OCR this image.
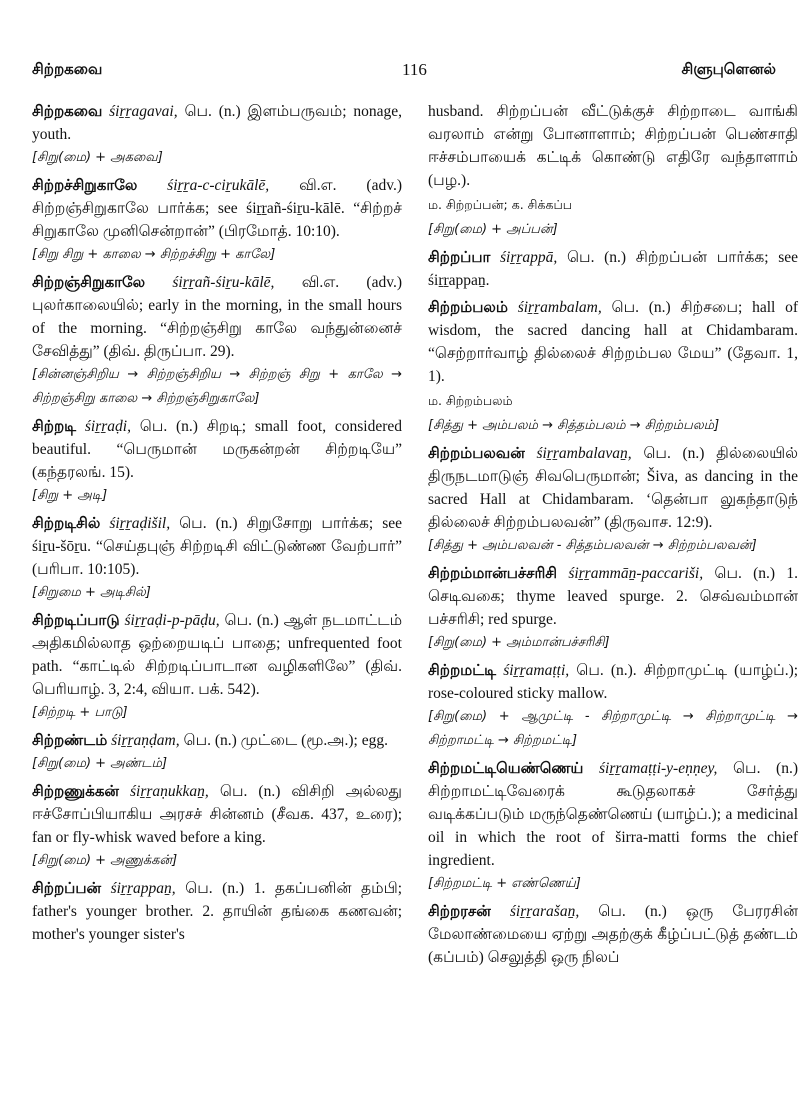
சிற்றகவை	116	சிளுபுளெனல்

சிற்றகவை śiṟṟagavai, பெ. (n.) இளம்பருவம்; nonage, youth.

[சிறு(மை) + அகவை]

சிற்றச்சிறுகாலே śiṟṟa-c-ciṟukālē, வி.எ. (adv.) சிற்றஞ்சிறுகாலே பார்க்க; see śiṟṟañ-śiṟu-kālē. “சிற்றச் சிறுகாலே முனிசென்றான்” (பிரமோத். 10:10).

[சிறு சிறு + காலை → சிற்றச்சிறு + காலே]

சிற்றஞ்சிறுகாலே śiṟṟañ-śiṟu-kālē, வி.எ. (adv.) புலர்காலையில்; early in the morning, in the small hours of the morning. “சிற்றஞ்சிறு காலே வந்துன்னைச் சேவித்து” (திவ். திருப்பா. 29).

[சின்னஞ்சிறிய → சிற்றஞ்சிறிய → சிற்றஞ் சிறு + காலே → சிற்றஞ்சிறு காலை → சிற்றஞ்சிறுகாலே]

சிற்றடி śiṟṟaḍi, பெ. (n.) சிறடி; small foot, considered beautiful. “பெருமான் மருகன்றன் சிற்றடியே” (கந்தரலங். 15).

[சிறு + அடி]

சிற்றடிசில் śiṟṟaḍišil, பெ. (n.) சிறுசோறு பார்க்க; see śiṟu-šōṟu. “செய்தபுஞ் சிற்றடிசி விட்டுண்ண வேற்பார்” (பரிபா. 10:105).

[சிறுமை + அடிசில்]

சிற்றடிப்பாடு śiṟṟaḍi-p-pāḍu, பெ. (n.) ஆள் நடமாட்டம் அதிகமில்லாத ஒற்றையடிப் பாதை; unfrequented foot path. “காட்டில் சிற்றடிப்பாடான வழிகளிலே” (திவ். பெரியாழ். 3, 2:4, வியா. பக். 542).

[சிற்றடி + பாடு]

சிற்றண்டம் śiṟṟaṇḍam, பெ. (n.) முட்டை (மூ.அ.); egg.

[சிறு(மை) + அண்டம்]

சிற்றணுக்கன் śiṟṟaṇukkaṉ, பெ. (n.) விசிறி அல்லது ஈச்சோப்பியாகிய அரசச் சின்னம் (சீவக. 437, உரை); fan or fly-whisk waved before a king.

[சிறு(மை) + அணுக்கன்]

சிற்றப்பன் śiṟṟappaṉ, பெ. (n.) 1. தகப்பனின் தம்பி; father's younger brother. 2. தாயின் தங்கை கணவன்; mother's younger sister's

husband. சிற்றப்பன் வீட்டுக்குச் சிற்றாடை வாங்கி வரலாம் என்று போனாளாம்; சிற்றப்பன் பெண்சாதி ஈச்சம்பாயைக் கட்டிக் கொண்டு எதிரே வந்தாளாம் (பழ.).

ம. சிற்றப்பன்; க. சிக்கப்ப

[சிறு(மை) + அப்பன்]

சிற்றப்பா śiṟṟappā, பெ. (n.) சிற்றப்பன் பார்க்க; see śiṟṟappaṉ.

சிற்றம்பலம் śiṟṟambalam, பெ. (n.) சிற்சபை; hall of wisdom, the sacred dancing hall at Chidambaram. “செற்றார்வாழ் தில்லைச் சிற்றம்பல மேய” (தேவா. 1, 1).

ம. சிற்றம்பலம்

[சித்து + அம்பலம் → சித்தம்பலம் → சிற்றம்பலம்]

சிற்றம்பலவன் śiṟṟambalavaṉ, பெ. (n.) தில்லையில் திருநடமாடுஞ் சிவபெருமான்; Šiva, as dancing in the sacred Hall at Chidambaram. ‘தென்பா லுகந்தாடுந் தில்லைச் சிற்றம்பலவன்” (திருவாச. 12:9).

[சித்து + அம்பலவன் - சித்தம்பலவன் → சிற்றம்பலவன்]

சிற்றம்மான்பச்சரிசி śiṟṟammāṉ-paccariši, பெ. (n.) 1. செடிவகை; thyme leaved spurge. 2. செவ்வம்மான் பச்சரிசி; red spurge.

[சிறு(மை) + அம்மான்பச்சரிசி]

சிற்றமட்டி śiṟṟamaṭṭi, பெ. (n.). சிற்றாமுட்டி (யாழ்ப்.); rose-coloured sticky mallow.

[சிறு(மை) + ஆமுட்டி - சிற்றாமுட்டி → சிற்றாமுட்டி → சிற்றாமட்டி → சிற்றமட்டி]

சிற்றமட்டியெண்ணெய் śiṟṟamaṭṭi-y-eṇṇey, பெ. (n.) சிற்றாமட்டிவேரைக் கூடுதலாகச் சேர்த்து வடிக்கப்படும் மருந்தெண்ணெய் (யாழ்ப்.); a medicinal oil in which the root of širra-matti forms the chief ingredient.

[சிற்றமட்டி + எண்ணெய்]

சிற்றரசன் śiṟṟarašaṉ, பெ. (n.) ஒரு பேரரசின் மேலாண்மையை ஏற்று அதற்குக் கீழ்ப்பட்டுத் தண்டம் (கப்பம்) செலுத்தி ஒரு நிலப்
